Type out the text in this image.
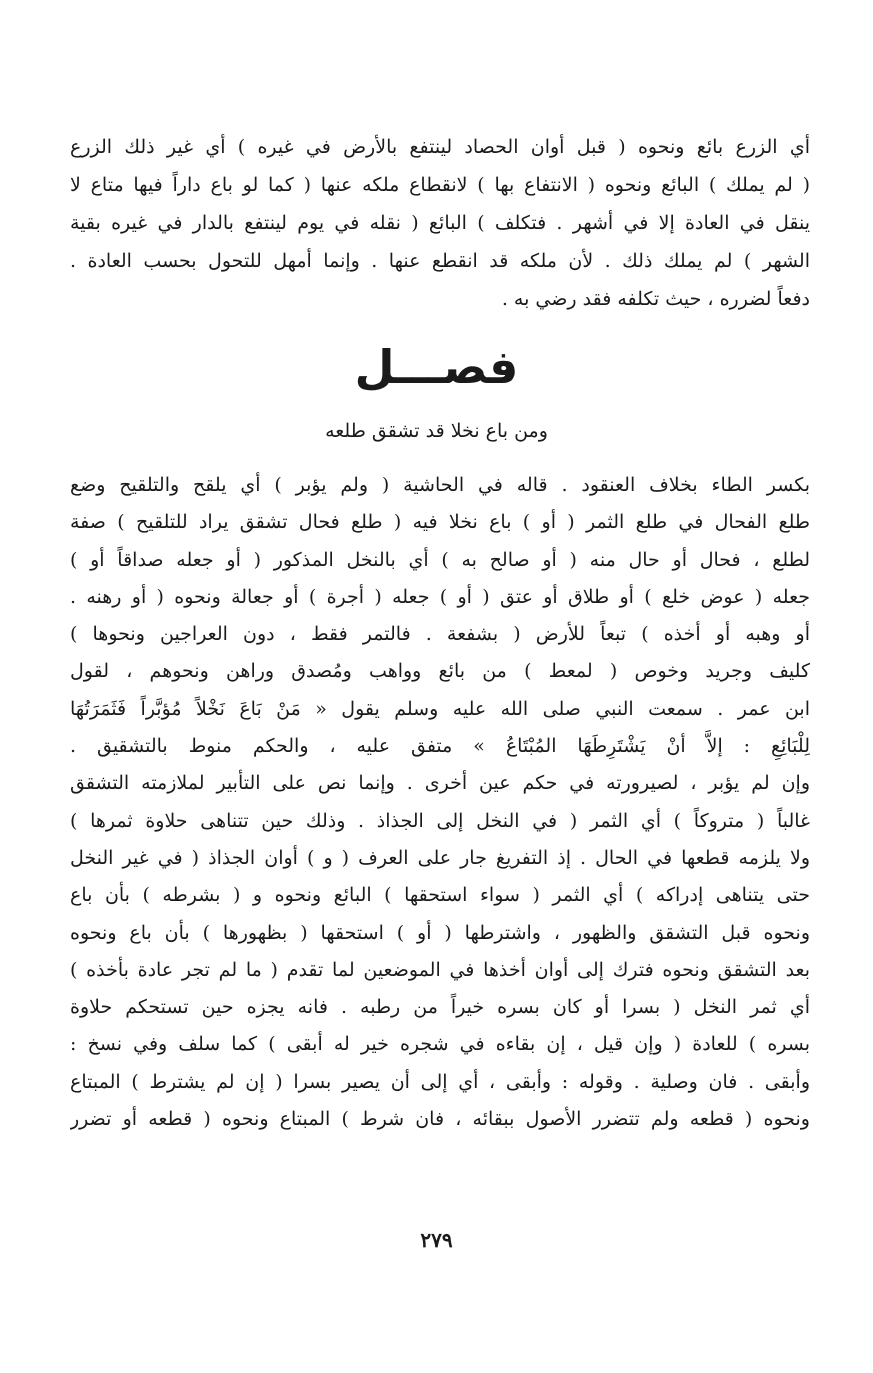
أي الزرع بائع ونحوه ( قبل أوان الحصاد لينتفع بالأرض في غيره ) أي غير ذلك الزرع
( لم يملك ) البائع ونحوه ( الانتفاع بها ) لانقطاع ملكه عنها ( كما لو باع داراً فيها متاع لا
ينقل في العادة إلا في أشهر . فتكلف ) البائع ( نقله في يوم لينتفع بالدار في غيره بقية
الشهر ) لم يملك ذلك . لأن ملكه قد انقطع عنها . وإنما أمهل للتحول بحسب العادة .
دفعاً لضرره ، حيث تكلفه فقد رضي به .
فصـــل
ومن باع نخلا قد تشقق طلعه
بكسر الطاء بخلاف العنقود . قاله في الحاشية ( ولم يؤبر ) أي يلقح والتلقيح وضع
طلع الفحال في طلع الثمر ( أو ) باع نخلا فيه ( طلع فحال تشقق يراد للتلقيح ) صفة
لطلع ، فحال أو حال منه ( أو صالح به ) أي بالنخل المذكور ( أو جعله صداقاً أو )
جعله ( عوض خلع ) أو طلاق أو عتق ( أو ) جعله ( أجرة ) أو جعالة ونحوه ( أو رهنه .
أو وهبه أو أخذه ) تبعاً للأرض ( بشفعة . فالتمر فقط ، دون العراجين ونحوها )
كليف وجريد وخوص ( لمعط ) من بائع وواهب ومُصدق وراهن ونحوهم ، لقول
ابن عمر . سمعت النبي صلى الله عليه وسلم يقول « مَنْ بَاعَ نَخْلاً مُؤبَّراً فَثَمَرَتُهَا
لِلْبَائِعِ : إلاَّ أنْ يَشْتَرِطَهَا المُبْتَاعُ » متفق عليه ، والحكم منوط بالتشقيق .
وإن لم يؤبر ، لصيرورته في حكم عين أخرى . وإنما نص على التأبير لملازمته التشقق
غالباً ( متروكاً ) أي الثمر ( في النخل إلى الجذاذ . وذلك حين تتناهى حلاوة ثمرها )
ولا يلزمه قطعها في الحال . إذ التفريغ جار على العرف ( و ) أوان الجذاذ ( في غير النخل
حتى يتناهى إدراكه ) أي الثمر ( سواء استحقها ) البائع ونحوه و ( بشرطه ) بأن باع
ونحوه قبل التشقق والظهور ، واشترطها ( أو ) استحقها ( بظهورها ) بأن باع ونحوه
بعد التشقق ونحوه فترك إلى أوان أخذها في الموضعين لما تقدم ( ما لم تجر عادة بأخذه )
أي ثمر النخل ( بسرا أو كان بسره خيراً من رطبه . فانه يجزه حين تستحكم حلاوة
بسره ) للعادة ( وإن قيل ، إن بقاءه في شجره خير له أبقى ) كما سلف وفي نسخ :
وأبقى . فان وصلية . وقوله : وأبقى ، أي إلى أن يصير بسرا ( إن لم يشترط ) المبتاع
ونحوه ( قطعه ولم تتضرر الأصول ببقائه ، فان شرط ) المبتاع ونحوه ( قطعه أو تضرر
٢٧٩
